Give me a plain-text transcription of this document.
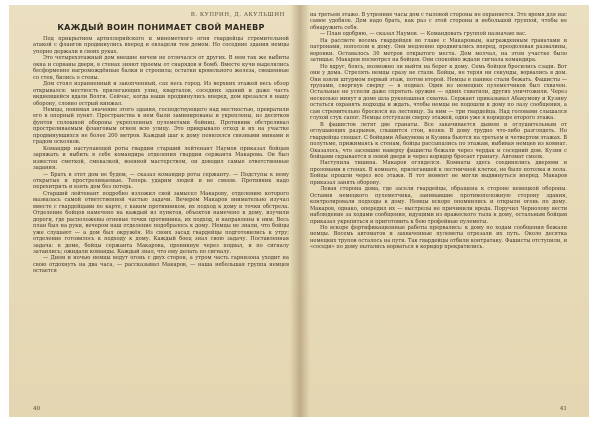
В. КУПРИН, Д. АКУЛЬШИН
КАЖДЫЙ ВОИН ПОНИМАЕТ СВОЙ МАНЕВР

Под прикрытием артиллерийского и минометного огня гвардейцы стремительной атакой с флангов продвинулись вперед и овладели тем домом. Но соседние здания немцы упорно держали в своих руках.

Это четырехэтажный дом внешне ничем не отличался от других. В нем так же выбиты окна и сорваны двери, в стенах зияют проемы от снарядов и бомб. Вместе кучи выделялись бесформенно нагромождённые балки и стропила; остатки кровельного железа, свешенные со стен, бились о стены.

Дом стоял изранненный и закопченный, сах несь город. Из верхних этажей весь обзор открывался: местность прилегающих улиц, кварталов, соседних зданий и даже часть видневшейся вдали Волги. Сейчас, когда наши продвинулись вперед, дом врезался в нашу оборону, словно острый кинжал.

Немцы, понимая значение этого здания, господствующего над местностью, превратили его в опорный пункт. Пространства в нем были заминированы и укреплены, из десятков фунтов сплошной обороны укрепленных пулеметами бойниц. Противник обстреливал простреливаемым фланговым огнем всю улицу. Это прикрывало отход и их на участке продвинувшихся не более 200 метров. Каждый шаг к дому появлялся связными минами и градом осколков.

Командир наступающей роты гвардии старший лейтенант Наумов приказал бойцам заряжать и выбить в себе командира отделения гвардии сержанта Макарова. Он был известен сметкой, смекалкой, военной мастерством, он доводил самые ответственные задания.

— Брать в этот дом не будем, — сказал командир роты сержанту. — Подступы к нему открытые и простреливаемые. Теперь ударим людей и не смеем. Противник надо перехитрить и взять дом без потерь.

Старший лейтенант подробно изложил свой замысел Макарову, отделению которого вызвалась самой ответственной частью задачи. Вечером Макаров внимательно изучал вместе с гвардейцами по карте, с каким противником, их подход к дому и точки обстрела. Отделение бойцов намечено на каждый из пунктов, объектов намечено к дому, изучили дороги, где расположены огневые точки противника, их подход, и направлены к ним. Весь план был на руки, вечером наш отделение подобралось к дому. Немцы не знали, что бойцы уже слушают — а дом был окружён. Из своих засад гвардейцы подготовились к утру; отделение готовилось к подходу к дому. Каждый боец знал свою задачу. Поставленная задача: в доме, бойцы сержанта Макарова, проникнув через подвал, и по сигналу затаились; ожидали команды. Каждый знал, что ему делать по сигналу.

— Днем и ночью немцы ведут огонь с двух сторон, а утром часть гарнизона уходит на свою отдохнуть на два часа, — рассказывал Макаров, — наша небольшая группа немцев остается

40

на третьем этаже. В утренние часы дом с тыловой стороны не охраняется. Это время для нас самое удобное. Дом надо брать, как раз с этой стороны и небольшой группой, чтобы не обнаружить себя.

— План одобряю, — сказал Наумов. — Командовать группой назначаю вас.

На рассвете восемь гвардейцев во главе с Макаровым, награжденным гранатами и патронами, поползли к дому. Они медленно продвигались вперед, преодолевая развалины, воронки. Оставалось 30 метров открытого места. Дом молчал, на этом участке было затишье. Макаров посмотрел на бойцов. Они спокойно ждали сигнала командира.

Но вдруг, боясь, возможно ли выйти на берег к дому. Семь бойцов бросились сзади. Вот они у дома. Стрелять немцы сразу не стали. Бойцы, не теряя ни секунды, ворвались в дом. Они взяли штурмом первый этаж, потом второй. Немцы в панике стали бежать. Фашисты — трупами, свергнув сверху — в подвал. Один из немецких пулеметчиков был схвачен. Остальные не успели даже спрятать оружие — одних схватили, других уничтожили. Через несколько минут в доме шла рукопашная схватка. Сержант приказывал Абакумову и Кузину остаться охранять подходы и ждать, чтобы немцы не подошли к дому по лазу сообщения, а сам стремительно бросился на лестницу. За ним — три гвардейца. Над головами слышался глухой стук сапог. Немцы отступали сверху этажей, одни уже в коридоре второго этажа.

В фашистов летят две гранаты. Все закачивается дымом и оглушительным от оглушающих разрывов, слышится стон, возня. В дому трудно что-либо разглядеть. Но гвардейцы спешат. С бойцами Абакумова и Кузина бьются на третьем и четвертом этажах. В полутьме, прижимаясь к стенам, бойцы рассыпались по этажам, выбивая немцев из комнат. Оказалось, что засевшие наверху фашисты бежали через чердак и соседний дом. Кузин с бойцами скрывается в левой двери и через коридор бросает гранату. Автомат смолк.

Наступила тишина. Макаров огляделся. Комнаты здесь соединялись дверями и проломами в стенах. В комнате, прилегавшей к лестничной клетке, не было потолка и пола. Бойцы прошли через все этажи. В тот момент не могли выдвинуться вперед. Макаров приказал занять оборону.

Левая сторона дома, где засели гвардейцы, обращена к стороне немецкой обороны. Оставив немецкого пулеметчика, занимавшие противоположную сторону здания, контролировали подходы к дому. Немцы вскоре опомнились и открыли огонь по дому. Макаров, однако, опередил их — выстрелы не причинили вреда. Поручил Чернолову вести наблюдение за ходами сообщения, идущими из вражеского тыла к дому, остальным бойцам приказал укрепиться и приготовить к бою трофейные пулеметы.

Но вскоре фортификационные работы прервались: к дому по ходам сообщения бежали немцы. Восемь автоматов и захваченные пулеметы отрезали их путь. Около десятка немецких трупов осталось на пути. Так гвардейцы отбили контратаку. Фашисты отступили, и «соседи» по дому пытались ворваться в коридор прекратились.

41
